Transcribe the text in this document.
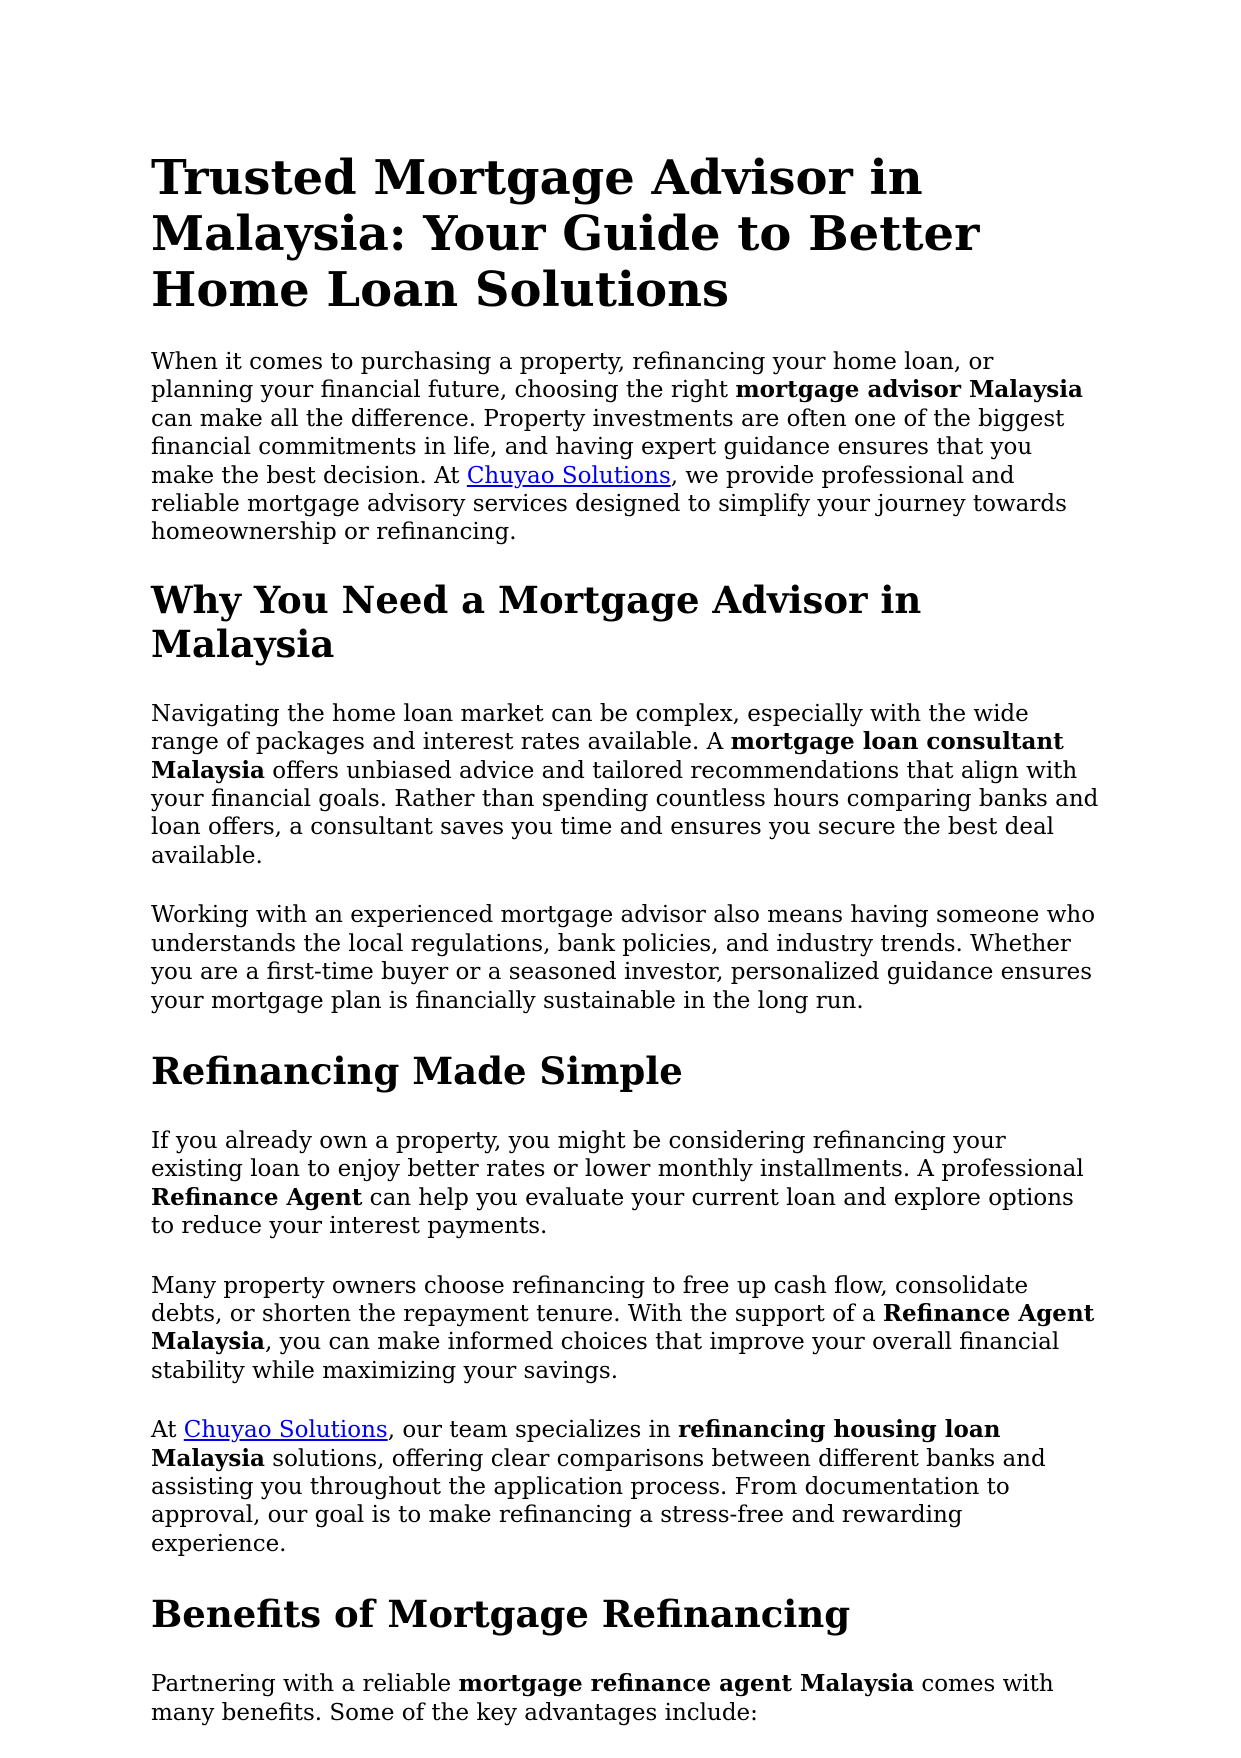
Trusted Mortgage Advisor in Malaysia: Your Guide to Better Home Loan Solutions

When it comes to purchasing a property, refinancing your home loan, or planning your financial future, choosing the right mortgage advisor Malaysia can make all the difference. Property investments are often one of the biggest financial commitments in life, and having expert guidance ensures that you make the best decision. At Chuyao Solutions, we provide professional and reliable mortgage advisory services designed to simplify your journey towards homeownership or refinancing.

Why You Need a Mortgage Advisor in Malaysia

Navigating the home loan market can be complex, especially with the wide range of packages and interest rates available. A mortgage loan consultant Malaysia offers unbiased advice and tailored recommendations that align with your financial goals. Rather than spending countless hours comparing banks and loan offers, a consultant saves you time and ensures you secure the best deal available.

Working with an experienced mortgage advisor also means having someone who understands the local regulations, bank policies, and industry trends. Whether you are a first-time buyer or a seasoned investor, personalized guidance ensures your mortgage plan is financially sustainable in the long run.

Refinancing Made Simple

If you already own a property, you might be considering refinancing your existing loan to enjoy better rates or lower monthly installments. A professional Refinance Agent can help you evaluate your current loan and explore options to reduce your interest payments.

Many property owners choose refinancing to free up cash flow, consolidate debts, or shorten the repayment tenure. With the support of a Refinance Agent Malaysia, you can make informed choices that improve your overall financial stability while maximizing your savings.

At Chuyao Solutions, our team specializes in refinancing housing loan Malaysia solutions, offering clear comparisons between different banks and assisting you throughout the application process. From documentation to approval, our goal is to make refinancing a stress-free and rewarding experience.

Benefits of Mortgage Refinancing

Partnering with a reliable mortgage refinance agent Malaysia comes with many benefits. Some of the key advantages include:
